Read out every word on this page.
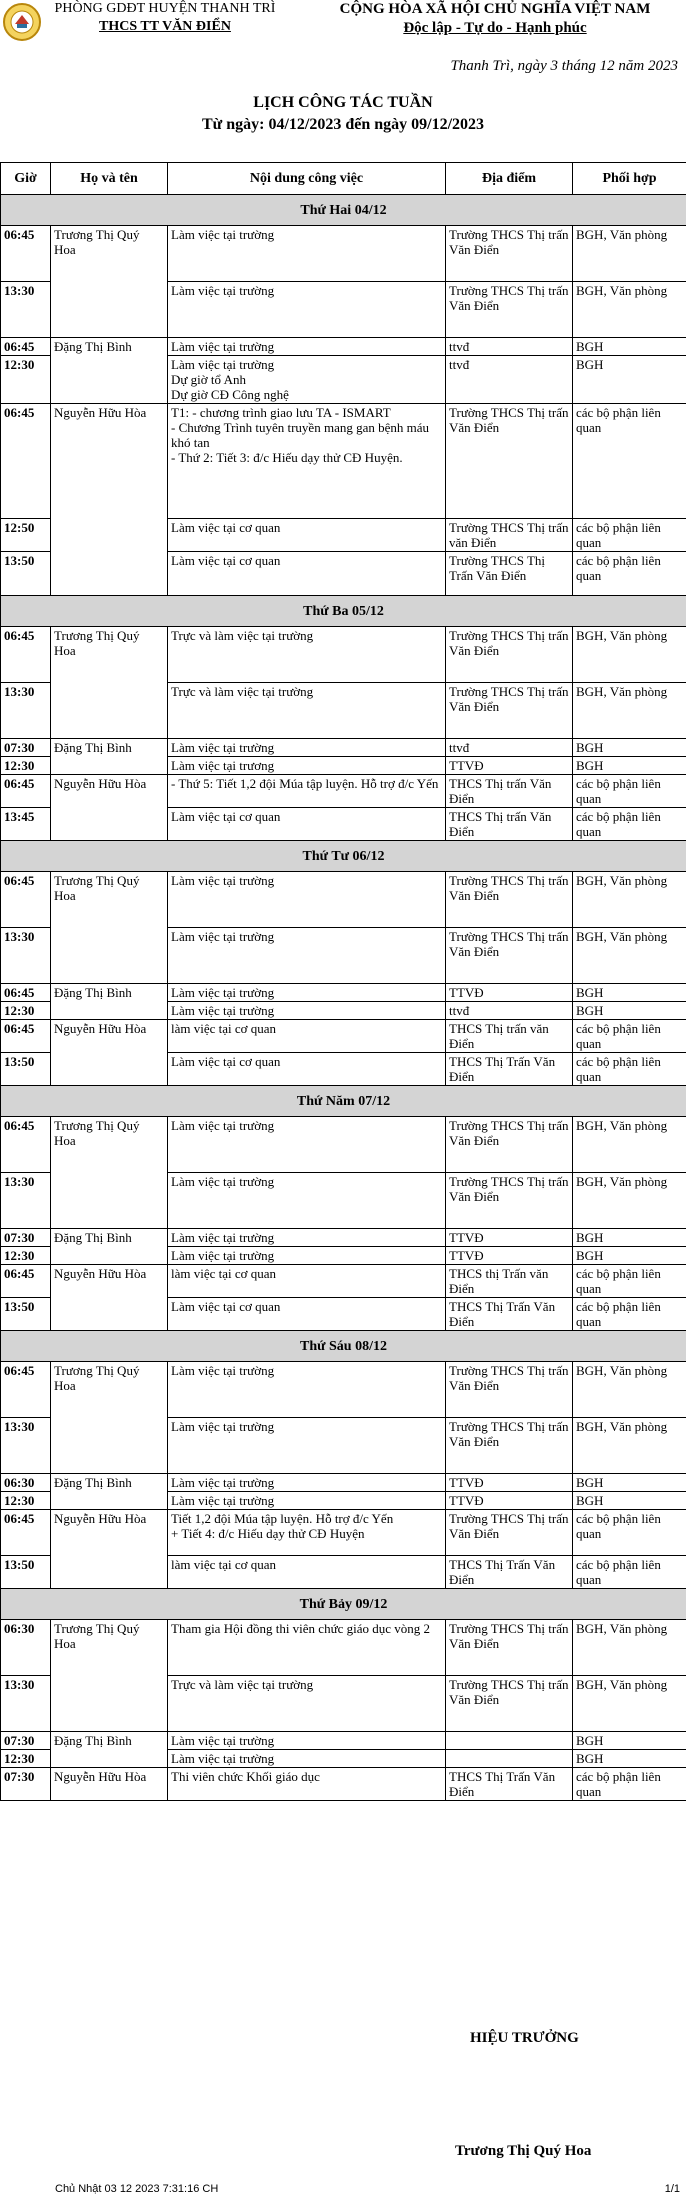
PHÒNG GDĐT HUYỆN THANH TRÌ
THCS TT VĂN ĐIỂN
CỘNG HÒA XÃ HỘI CHỦ NGHĨA VIỆT NAM
Độc lập - Tự do - Hạnh phúc
Thanh Trì, ngày 3 tháng 12 năm 2023
LỊCH CÔNG TÁC TUẦN
Từ ngày: 04/12/2023 đến ngày 09/12/2023
Giờ	Họ và tên	Nội dung công việc	Địa điểm	Phối hợp
Thứ Hai 04/12				
06:45	Trương Thị Quý Hoa	Làm việc tại trường	Trường THCS Thị trấn Văn Điển	BGH, Văn phòng
13:30		Làm việc tại trường	Trường THCS Thị trấn Văn Điển	BGH, Văn phòng
06:45	Đặng Thị Bình	Làm việc tại trường	ttvđ	BGH
12:30		Làm việc tại trường
Dự giờ tổ Anh
Dự giờ CĐ Công nghệ	ttvđ	BGH
06:45	Nguyễn Hữu Hòa	T1: - chương trình giao lưu TA - ISMART
- Chương Trình tuyên truyền mang gan bệnh máu khó tan
- Thứ 2: Tiết 3: đ/c Hiếu dạy thử CĐ Huyện.	Trường THCS Thị trấn Văn Điển	các bộ phận liên quan
12:50		Làm việc tại cơ quan	Trường THCS Thị trấn văn Điển	các bộ phận liên quan
13:50		Làm việc tại cơ quan	Trường THCS Thị Trấn Văn Điển	các bộ phận liên quan
Thứ Ba 05/12				
06:45	Trương Thị Quý Hoa	Trực và làm việc tại trường	Trường THCS Thị trấn Văn Điển	BGH, Văn phòng
13:30		Trực và làm việc tại trường	Trường THCS Thị trấn Văn Điển	BGH, Văn phòng
07:30	Đặng Thị Bình	Làm việc tại trường	ttvđ	BGH
12:30		Làm việc tại trương	TTVĐ	BGH
06:45	Nguyễn Hữu Hòa	- Thứ 5: Tiết 1,2 đội Múa tập luyện. Hỗ trợ đ/c Yến	THCS Thị trấn Văn Điển	các bộ phận liên quan
13:45		Làm việc tại cơ quan	THCS Thị trấn Văn Điển	các bộ phận liên quan
Thứ Tư 06/12				
06:45	Trương Thị Quý Hoa	Làm việc tại trường	Trường THCS Thị trấn Văn Điển	BGH, Văn phòng
13:30		Làm việc tại trường	Trường THCS Thị trấn Văn Điển	BGH, Văn phòng
06:45	Đặng Thị Bình	Làm việc tại trường	TTVĐ	BGH
12:30		Làm việc tại trường	ttvđ	BGH
06:45	Nguyễn Hữu Hòa	làm việc tại cơ quan	THCS Thị trấn văn Điển	các bộ phận liên quan
13:50		Làm việc tại cơ quan	THCS Thị Trấn Văn Điển	các bộ phận liên quan
Thứ Năm 07/12				
06:45	Trương Thị Quý Hoa	Làm việc tại trường	Trường THCS Thị trấn Văn Điển	BGH, Văn phòng
13:30		Làm việc tại trường	Trường THCS Thị trấn Văn Điển	BGH, Văn phòng
07:30	Đặng Thị Bình	Làm việc tại trường	TTVĐ	BGH
12:30		Làm việc tại trường	TTVĐ	BGH
06:45	Nguyễn Hữu Hòa	làm việc tại cơ quan	THCS thị Trấn văn Điển	các bộ phận liên quan
13:50		Làm việc tại cơ quan	THCS Thị Trấn Văn Điển	các bộ phận liên quan
Thứ Sáu 08/12				
06:45	Trương Thị Quý Hoa	Làm việc tại trường	Trường THCS Thị trấn Văn Điển	BGH, Văn phòng
13:30		Làm việc tại trường	Trường THCS Thị trấn Văn Điển	BGH, Văn phòng
06:30	Đặng Thị Bình	Làm việc tại trường	TTVĐ	BGH
12:30		Làm việc tại trường	TTVĐ	BGH
06:45	Nguyễn Hữu Hòa	Tiết 1,2 đội Múa tập luyện. Hỗ trợ đ/c Yến
+ Tiết 4: đ/c Hiếu dạy thử CĐ Huyện	Trường THCS Thị trấn Văn Điển	các bộ phận liên quan
13:50		làm việc tại cơ quan	THCS Thị Trấn Văn Điển	các bộ phận liên quan
Thứ Bảy 09/12				
06:30	Trương Thị Quý Hoa	Tham gia Hội đồng thi viên chức giáo dục vòng 2	Trường THCS Thị trấn Văn Điển	BGH, Văn phòng
13:30		Trực và làm việc tại trường	Trường THCS Thị trấn Văn Điển	BGH, Văn phòng
07:30	Đặng Thị Bình	Làm việc tại trường		BGH
12:30		Làm việc tại trường		BGH
07:30	Nguyễn Hữu Hòa	Thi viên chức Khối giáo dục	THCS Thị Trấn Văn Điển	các bộ phận liên quan
HIỆU TRƯỞNG
Trương Thị Quý Hoa
Chủ Nhật 03 12 2023 7:31:16 CH	1/1
